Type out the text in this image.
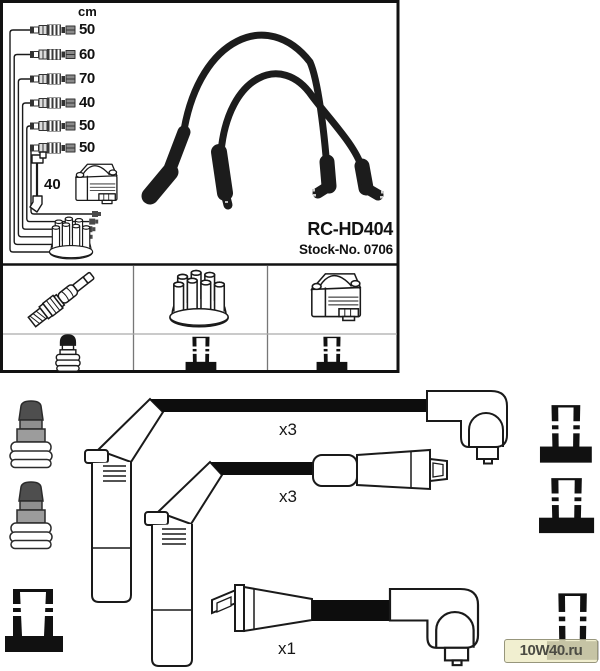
cm
50
60
70
40
50
50
40
RC-HD404
Stock-No. 0706
x3
x3
x1	10W40.ru
